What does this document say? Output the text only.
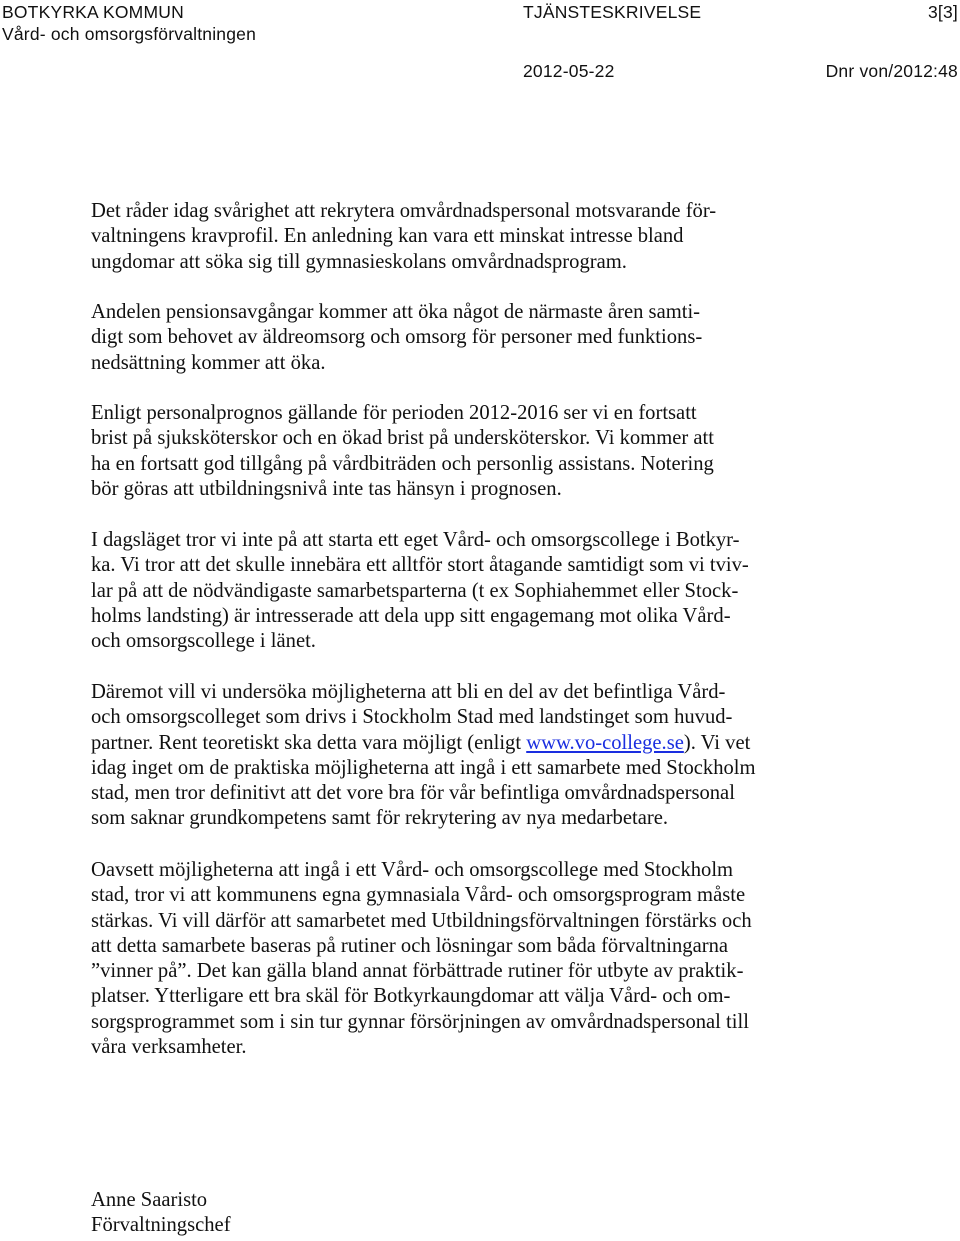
BOTKYRKA KOMMUN
Vård- och omsorgsförvaltningen
TJÄNSTESKRIVELSE	3[3]
2012-05-22	Dnr von/2012:48
Det råder idag svårighet att rekrytera omvårdnadspersonal motsvarande för-
valtningens kravprofil. En anledning kan vara ett minskat intresse bland
ungdomar att söka sig till gymnasieskolans omvårdnadsprogram.
Andelen pensionsavgångar kommer att öka något de närmaste åren samti-
digt som behovet av äldreomsorg och omsorg för personer med funktions-
nedsättning kommer att öka.
Enligt personalprognos gällande för perioden 2012-2016 ser vi en fortsatt
brist på sjuksköterskor och en ökad brist på undersköterskor. Vi kommer att
ha en fortsatt god tillgång på vårdbiträden och personlig assistans. Notering
bör göras att utbildningsnivå inte tas hänsyn i prognosen.
I dagsläget tror vi inte på att starta ett eget Vård- och omsorgscollege i Botkyr-
ka. Vi tror att det skulle innebära ett alltför stort åtagande samtidigt som vi tviv-
lar på att de nödvändigaste samarbetsparterna (t ex Sophiahemmet eller Stock-
holms landsting) är intresserade att dela upp sitt engagemang mot olika Vård-
och omsorgscollege i länet.
Däremot vill vi undersöka möjligheterna att bli en del av det befintliga Vård-
och omsorgscolleget som drivs i Stockholm Stad med landstinget som huvud-
partner. Rent teoretiskt ska detta vara möjligt (enligt www.vo-college.se). Vi vet
idag inget om de praktiska möjligheterna att ingå i ett samarbete med Stockholm
stad, men tror definitivt att det vore bra för vår befintliga omvårdnadspersonal
som saknar grundkompetens samt för rekrytering av nya medarbetare.
Oavsett möjligheterna att ingå i ett Vård- och omsorgscollege med Stockholm
stad, tror vi att kommunens egna gymnasiala Vård- och omsorgsprogram måste
stärkas. Vi vill därför att samarbetet med Utbildningsförvaltningen förstärks och
att detta samarbete baseras på rutiner och lösningar som båda förvaltningarna
”vinner på”. Det kan gälla bland annat förbättrade rutiner för utbyte av praktik-
platser. Ytterligare ett bra skäl för Botkyrkaungdomar att välja Vård- och om-
sorgsprogrammet som i sin tur gynnar försörjningen av omvårdnadspersonal till
våra verksamheter.
Anne Saaristo
Förvaltningschef
